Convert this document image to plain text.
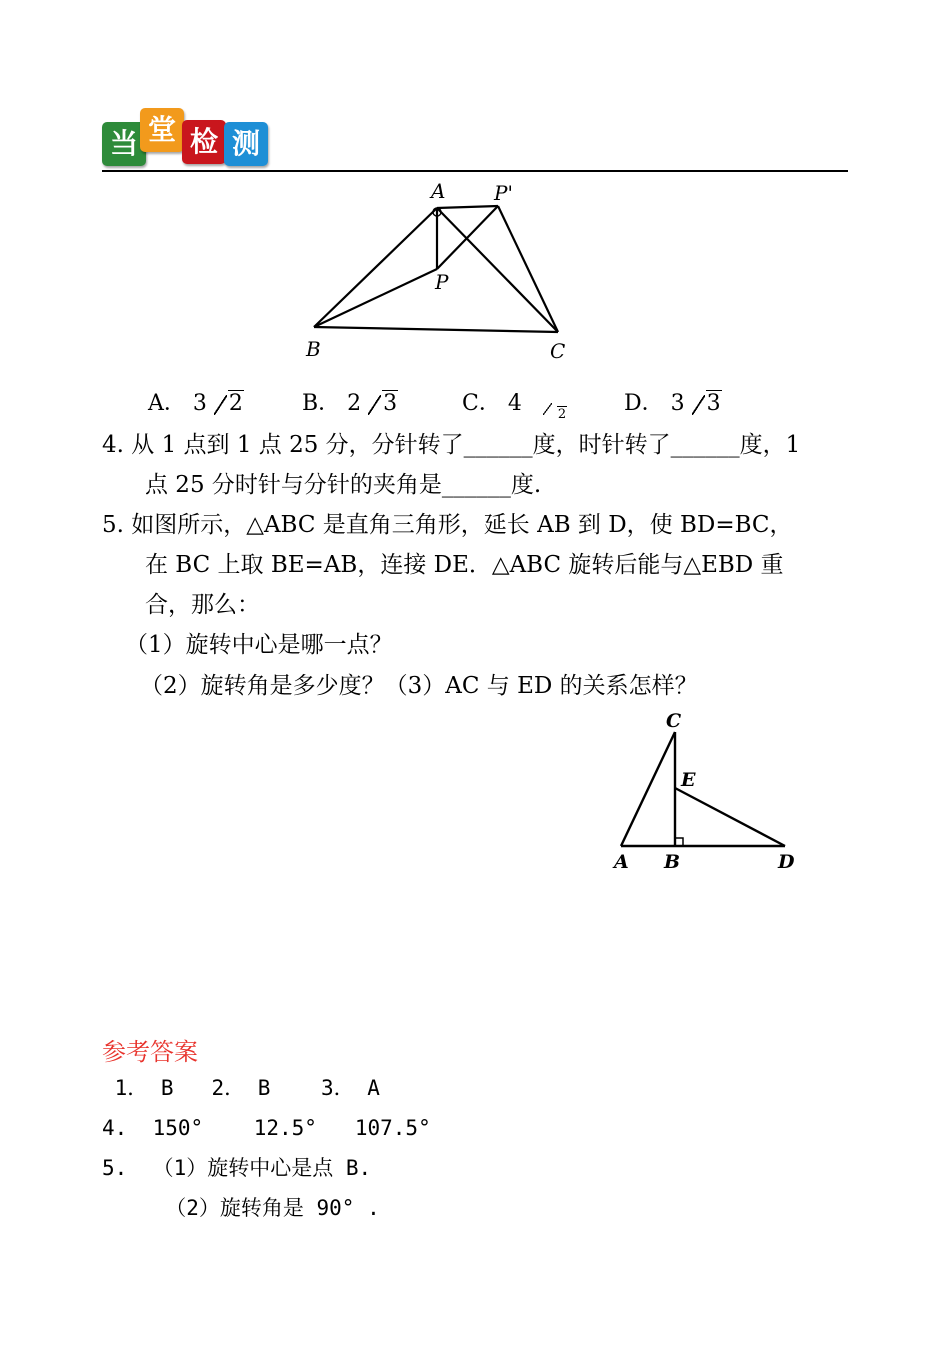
当 堂 检 测
A P'
P
B	C
A． 3 2	B． 2 3	C． 4	$_2$	D． 3 3
4. 从 1 点到 1 点 25 分，分针转了______度，时针转了______度，1
点 25 分时针与分针的夹角是______度.
5. 如图所示，△ABC 是直角三角形，延长 AB 到 D，使 BD=BC，
在 BC 上取 BE=AB，连接 DE．△ABC 旋转后能与△EBD 重
合，那么：
（1）旋转中心是哪一点？
（2）旋转角是多少度？（3）AC 与 ED 的关系怎样？
C
E
A B	D
参考答案
1． B   2． B    3． A
4.  150°    12.5°   107.5°
5.  （1）旋转中心是点 B.
（2）旋转角是 90° .
